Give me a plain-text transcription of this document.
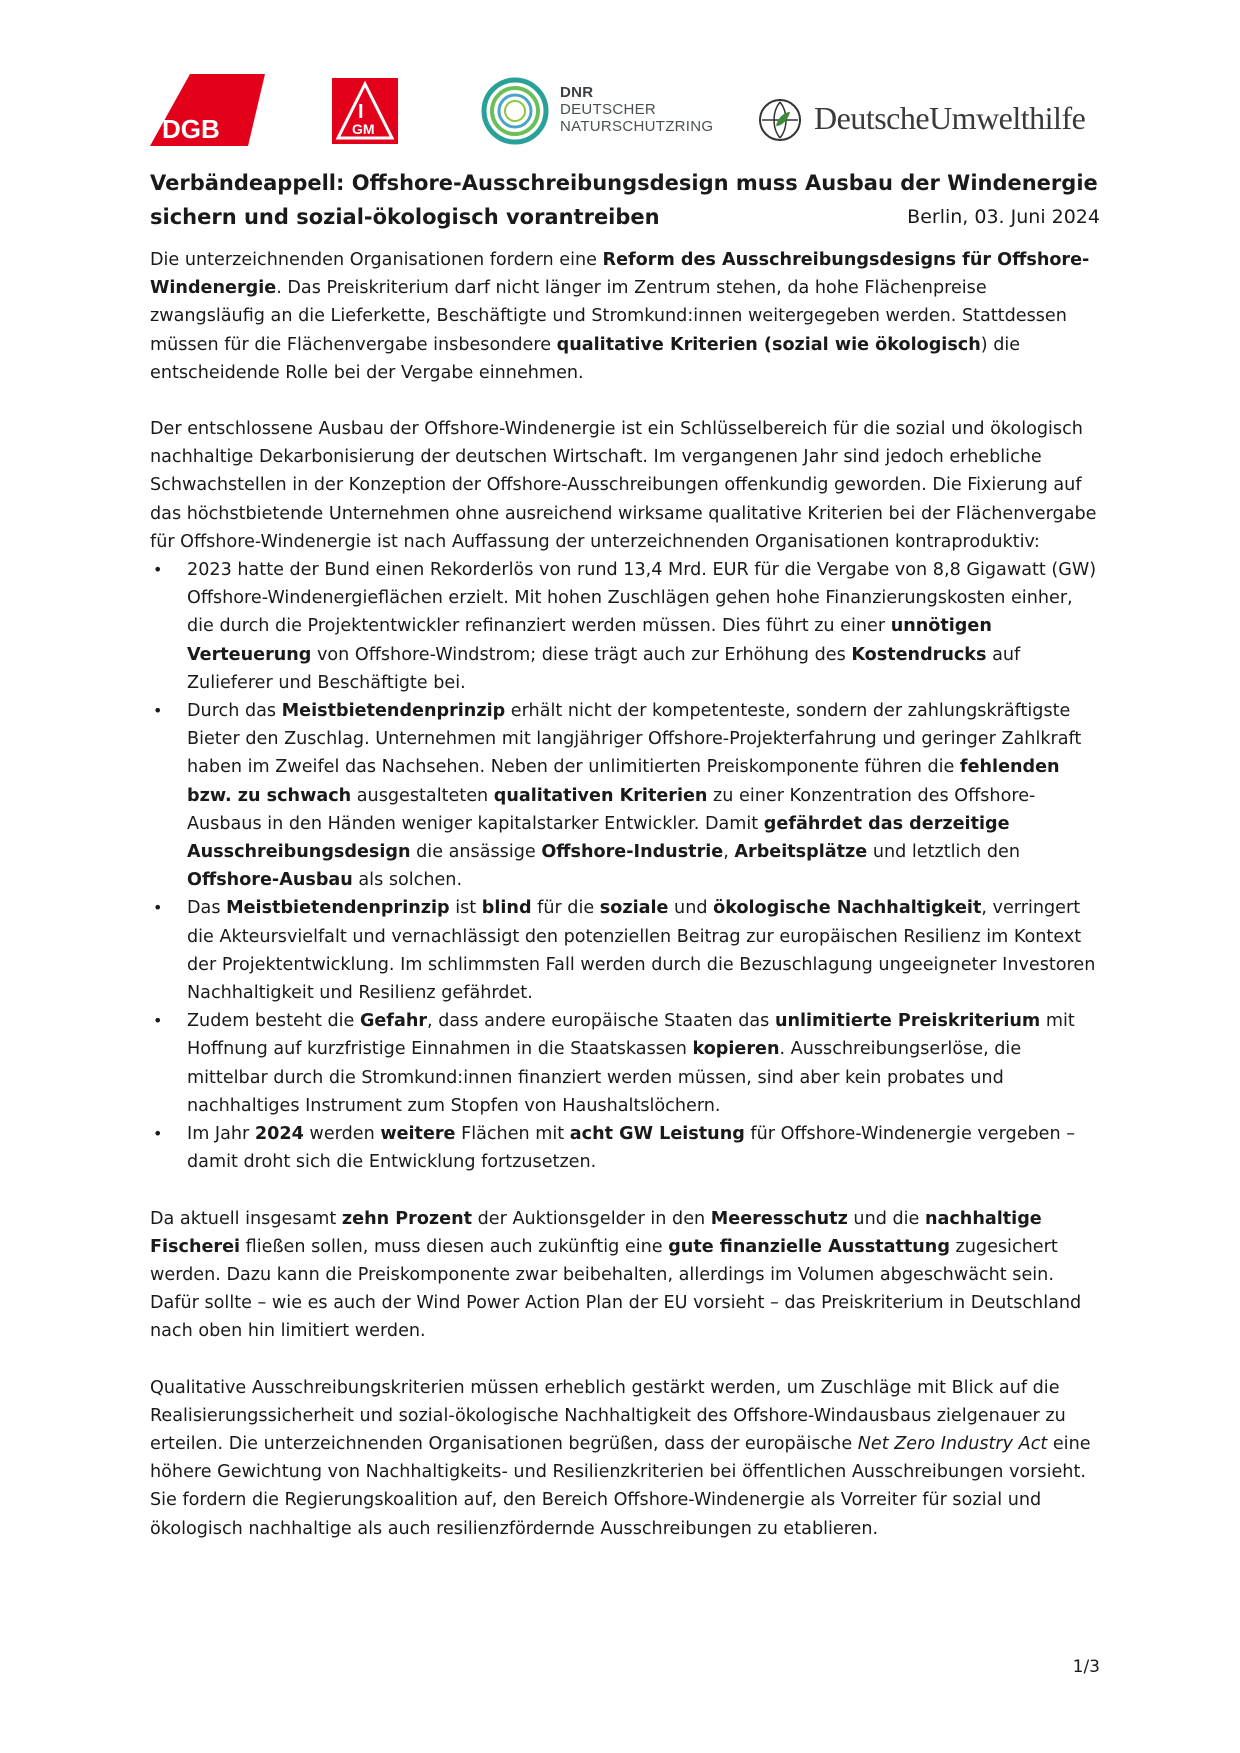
DGB
I
GM
DNR
DEUTSCHER
NATURSCHUTZRING	DeutscheUmwelthilfe
Verbändeappell: Offshore-Ausschreibungsdesign muss Ausbau der Windenergie
sichern und sozial-ökologisch vorantreiben	Berlin, 03. Juni 2024

Die unterzeichnenden Organisationen fordern eine Reform des Ausschreibungsdesigns für Offshore-Windenergie. Das Preiskriterium darf nicht länger im Zentrum stehen, da hohe Flächenpreise zwangsläufig an die Lieferkette, Beschäftigte und Stromkund:innen weitergegeben werden. Stattdessen müssen für die Flächenvergabe insbesondere qualitative Kriterien (sozial wie ökologisch) die entscheidende Rolle bei der Vergabe einnehmen.

Der entschlossene Ausbau der Offshore-Windenergie ist ein Schlüsselbereich für die sozial und ökologisch nachhaltige Dekarbonisierung der deutschen Wirtschaft. Im vergangenen Jahr sind jedoch erhebliche Schwachstellen in der Konzeption der Offshore-Ausschreibungen offenkundig geworden. Die Fixierung auf das höchstbietende Unternehmen ohne ausreichend wirksame qualitative Kriterien bei der Flächenvergabe für Offshore-Windenergie ist nach Auffassung der unterzeichnenden Organisationen kontraproduktiv:

• 2023 hatte der Bund einen Rekorderlös von rund 13,4 Mrd. EUR für die Vergabe von 8,8 Gigawatt (GW) Offshore-Windenergieflächen erzielt. Mit hohen Zuschlägen gehen hohe Finanzierungskosten einher, die durch die Projektentwickler refinanziert werden müssen. Dies führt zu einer unnötigen Verteuerung von Offshore-Windstrom; diese trägt auch zur Erhöhung des Kostendrucks auf Zulieferer und Beschäftigte bei.
• Durch das Meistbietendenprinzip erhält nicht der kompetenteste, sondern der zahlungskräftigste Bieter den Zuschlag. Unternehmen mit langjähriger Offshore-Projekterfahrung und geringer Zahlkraft haben im Zweifel das Nachsehen. Neben der unlimitierten Preiskomponente führen die fehlenden bzw. zu schwach ausgestalteten qualitativen Kriterien zu einer Konzentration des Offshore-Ausbaus in den Händen weniger kapitalstarker Entwickler. Damit gefährdet das derzeitige Ausschreibungsdesign die ansässige Offshore-Industrie, Arbeitsplätze und letztlich den Offshore-Ausbau als solchen.
• Das Meistbietendenprinzip ist blind für die soziale und ökologische Nachhaltigkeit, verringert die Akteursvielfalt und vernachlässigt den potenziellen Beitrag zur europäischen Resilienz im Kontext der Projektentwicklung. Im schlimmsten Fall werden durch die Bezuschlagung ungeeigneter Investoren Nachhaltigkeit und Resilienz gefährdet.
• Zudem besteht die Gefahr, dass andere europäische Staaten das unlimitierte Preiskriterium mit Hoffnung auf kurzfristige Einnahmen in die Staatskassen kopieren. Ausschreibungserlöse, die mittelbar durch die Stromkund:innen finanziert werden müssen, sind aber kein probates und nachhaltiges Instrument zum Stopfen von Haushaltslöchern.
• Im Jahr 2024 werden weitere Flächen mit acht GW Leistung für Offshore-Windenergie vergeben – damit droht sich die Entwicklung fortzusetzen.

Da aktuell insgesamt zehn Prozent der Auktionsgelder in den Meeresschutz und die nachhaltige Fischerei fließen sollen, muss diesen auch zukünftig eine gute finanzielle Ausstattung zugesichert werden. Dazu kann die Preiskomponente zwar beibehalten, allerdings im Volumen abgeschwächt sein. Dafür sollte – wie es auch der Wind Power Action Plan der EU vorsieht – das Preiskriterium in Deutschland nach oben hin limitiert werden.

Qualitative Ausschreibungskriterien müssen erheblich gestärkt werden, um Zuschläge mit Blick auf die Realisierungssicherheit und sozial-ökologische Nachhaltigkeit des Offshore-Windausbaus zielgenauer zu erteilen. Die unterzeichnenden Organisationen begrüßen, dass der europäische Net Zero Industry Act eine höhere Gewichtung von Nachhaltigkeits- und Resilienzkriterien bei öffentlichen Ausschreibungen vorsieht. Sie fordern die Regierungskoalition auf, den Bereich Offshore-Windenergie als Vorreiter für sozial und ökologisch nachhaltige als auch resilienzfördernde Ausschreibungen zu etablieren.

1/3
